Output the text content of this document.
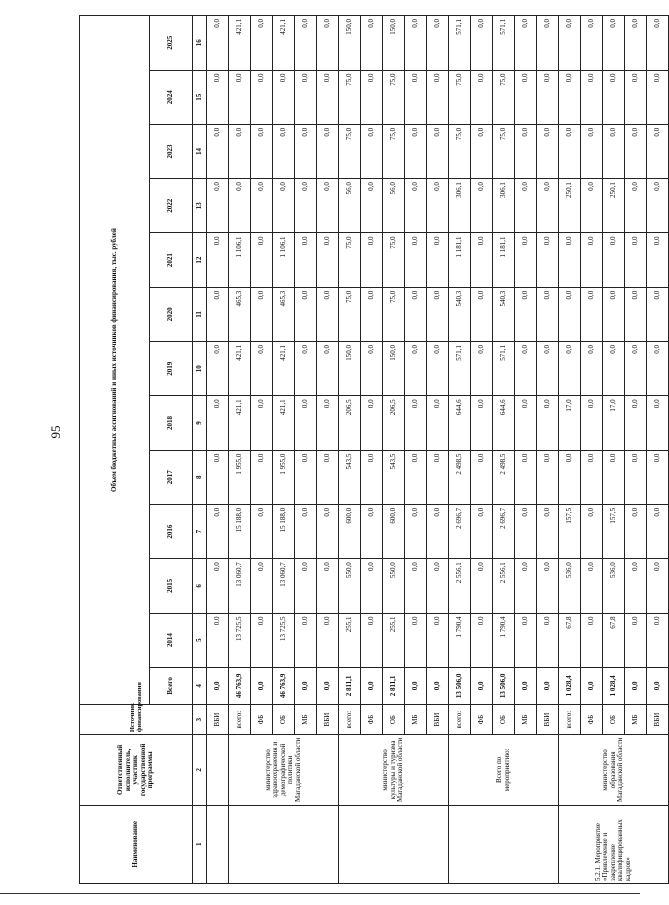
95
Наименование	Ответственный исполнитель, участник государственной программы	Источник финансирования	Объем бюджетных ассигнований и иных источников финансирования, тыс. рублей												
			Всего	2014	2015	2016	2017	2018	2019	2020	2021	2022	2023	2024	2025
1	2	3	4	5	6	7	8	9	10	11	12	13	14	15	16
		ВБИ	0,0	0,0	0,0	0,0	0,0	0,0	0,0	0,0	0,0	0,0	0,0	0,0	0,0
	министерство здравоохранения и демографической политики Магаданской области	всего:	46 763,9	13 725,5	13 060,7	15 188,0	1 955,0	421,1	421,1	465,3	1 106,1	0,0	0,0	0,0	421,1
		ФБ	0,0	0,0	0,0	0,0	0,0	0,0	0,0	0,0	0,0	0,0	0,0	0,0	0,0
		ОБ	46 763,9	13 725,5	13 060,7	15 188,0	1 955,0	421,1	421,1	465,3	1 106,1	0,0	0,0	0,0	421,1
		МБ	0,0	0,0	0,0	0,0	0,0	0,0	0,0	0,0	0,0	0,0	0,0	0,0	0,0
		ВБИ	0,0	0,0	0,0	0,0	0,0	0,0	0,0	0,0	0,0	0,0	0,0	0,0	0,0
	министерство культуры и туризма Магаданской области	всего:	2 811,1	255,1	550,0	600,0	543,5	206,5	150,0	75,0	75,0	56,0	75,0	75,0	150,0
		ФБ	0,0	0,0	0,0	0,0	0,0	0,0	0,0	0,0	0,0	0,0	0,0	0,0	0,0
		ОБ	2 811,1	255,1	550,0	600,0	543,5	206,5	150,0	75,0	75,0	56,0	75,0	75,0	150,0
		МБ	0,0	0,0	0,0	0,0	0,0	0,0	0,0	0,0	0,0	0,0	0,0	0,0	0,0
		ВБИ	0,0	0,0	0,0	0,0	0,0	0,0	0,0	0,0	0,0	0,0	0,0	0,0	0,0
	Всего по мероприятию:	всего:	13 506,0	1 790,4	2 556,1	2 696,7	2 498,5	644,6	571,1	540,3	1 181,1	306,1	75,0	75,0	571,1
		ФБ	0,0	0,0	0,0	0,0	0,0	0,0	0,0	0,0	0,0	0,0	0,0	0,0	0,0
		ОБ	13 506,0	1 790,4	2 556,1	2 696,7	2 498,5	644,6	571,1	540,3	1 181,1	306,1	75,0	75,0	571,1
		МБ	0,0	0,0	0,0	0,0	0,0	0,0	0,0	0,0	0,0	0,0	0,0	0,0	0,0
		ВБИ	0,0	0,0	0,0	0,0	0,0	0,0	0,0	0,0	0,0	0,0	0,0	0,0	0,0
5.2.1. Мероприятие «Привлечение и закрепление квалифицированных кадров»	министерство образования Магаданской области	всего:	1 028,4	67,8	536,0	157,5	0,0	17,0	0,0	0,0	0,0	250,1	0,0	0,0	0,0
		ФБ	0,0	0,0	0,0	0,0	0,0	0,0	0,0	0,0	0,0	0,0	0,0	0,0	0,0
		ОБ	1 028,4	67,8	536,0	157,5	0,0	17,0	0,0	0,0	0,0	250,1	0,0	0,0	0,0
		МБ	0,0	0,0	0,0	0,0	0,0	0,0	0,0	0,0	0,0	0,0	0,0	0,0	0,0
		ВБИ	0,0	0,0	0,0	0,0	0,0	0,0	0,0	0,0	0,0	0,0	0,0	0,0	0,0
